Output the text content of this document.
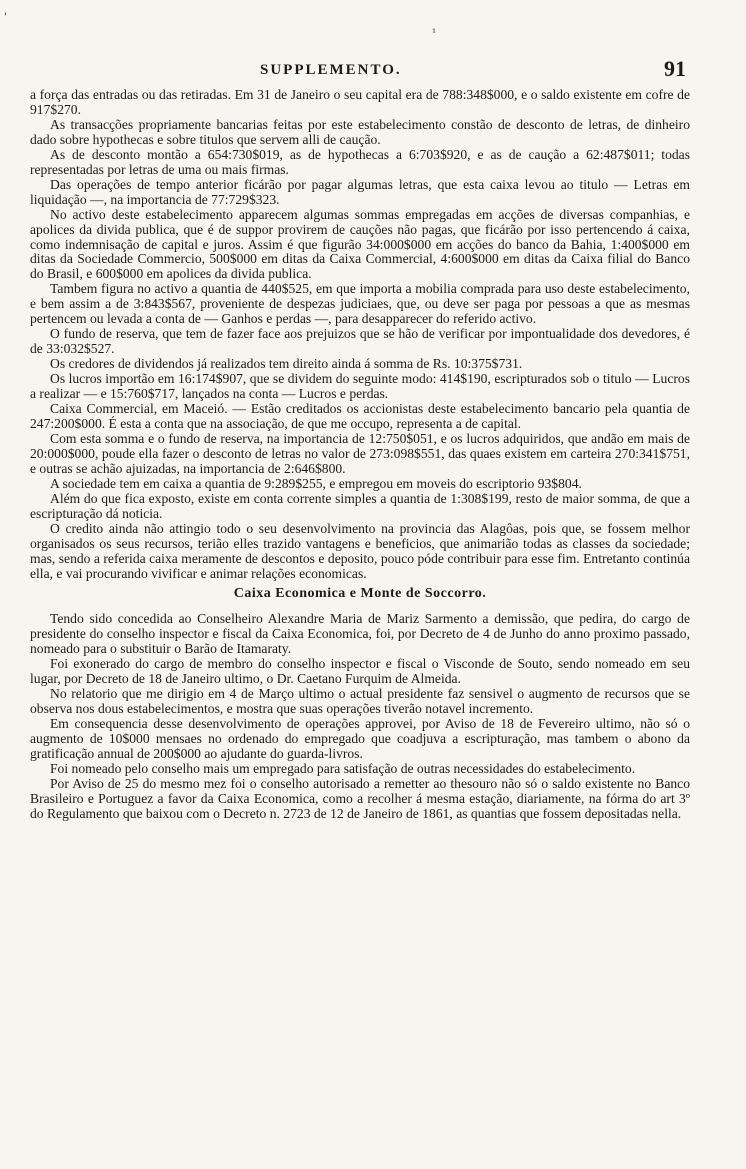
'
¹
SUPPLEMENTO.	91

a força das entradas ou das retiradas. Em 31 de Janeiro o seu capital era de 788:348$000, e o saldo existente em cofre de 917$270.

As transacções propriamente bancarias feitas por este estabelecimento constão de desconto de letras, de dinheiro dado sobre hypothecas e sobre titulos que servem alli de caução.

As de desconto montão a 654:730$019, as de hypothecas a 6:703$920, e as de caução a 62:487$011; todas representadas por letras de uma ou mais firmas.

Das operações de tempo anterior ficárão por pagar algumas letras, que esta caixa levou ao titulo — Letras em liquidação —, na importancia de 77:729$323.

No activo deste estabelecimento apparecem algumas sommas empregadas em acções de diversas companhias, e apolices da divida publica, que é de suppor provirem de cauções não pagas, que ficárão por isso pertencendo á caixa, como indemnisação de capital e juros. Assim é que figurão 34:000$000 em acções do banco da Bahia, 1:400$000 em ditas da Sociedade Commercio, 500$000 em ditas da Caixa Commercial, 4:600$000 em ditas da Caixa filial do Banco do Brasil, e 600$000 em apolices da divida publica.

Tambem figura no activo a quantia de 440$525, em que importa a mobilia comprada para uso deste estabelecimento, e bem assim a de 3:843$567, proveniente de despezas judiciaes, que, ou deve ser paga por pessoas a que as mesmas pertencem ou levada a conta de — Ganhos e perdas —, para desapparecer do referido activo.

O fundo de reserva, que tem de fazer face aos prejuizos que se hão de verificar por impontualidade dos devedores, é de 33:032$527.

Os credores de dividendos já realizados tem direito ainda á somma de Rs. 10:375$731.

Os lucros importão em 16:174$907, que se dividem do seguinte modo: 414$190, escripturados sob o titulo — Lucros a realizar — e 15:760$717, lançados na conta — Lucros e perdas.

Caixa Commercial, em Maceió. — Estão creditados os accionistas deste estabelecimento bancario pela quantia de 247:200$000. É esta a conta que na associação, de que me occupo, representa a de capital.

Com esta somma e o fundo de reserva, na importancia de 12:750$051, e os lucros adquiridos, que andão em mais de 20:000$000, poude ella fazer o desconto de letras no valor de 273:098$551, das quaes existem em carteira 270:341$751, e outras se achão ajuizadas, na importancia de 2:646$800.

A sociedade tem em caixa a quantia de 9:289$255, e empregou em moveis do escriptorio 93$804.

Além do que fica exposto, existe em conta corrente simples a quantia de 1:308$199, resto de maior somma, de que a escripturação dá noticia.

O credito ainda não attingio todo o seu desenvolvimento na provincia das Alagôas, pois que, se fossem melhor organisados os seus recursos, terião elles trazido vantagens e beneficios, que animarião todas as classes da sociedade; mas, sendo a referida caixa meramente de descontos e deposito, pouco póde contribuir para esse fim. Entretanto continúa ella, e vai procurando vivificar e animar relações economicas.

Caixa Economica e Monte de Soccorro.

Tendo sido concedida ao Conselheiro Alexandre Maria de Mariz Sarmento a demissão, que pedira, do cargo de presidente do conselho inspector e fiscal da Caixa Economica, foi, por Decreto de 4 de Junho do anno proximo passado, nomeado para o substituir o Barão de Itamaraty.

Foi exonerado do cargo de membro do conselho inspector e fiscal o Visconde de Souto, sendo nomeado em seu lugar, por Decreto de 18 de Janeiro ultimo, o Dr. Caetano Furquim de Almeida.

No relatorio que me dirigio em 4 de Março ultimo o actual presidente faz sensivel o augmento de recursos que se observa nos dous estabelecimentos, e mostra que suas operações tiverão notavel incremento.

Em consequencia desse desenvolvimento de operações approvei, por Aviso de 18 de Fevereiro ultimo, não só o augmento de 10$000 mensaes no ordenado do empregado que coadjuva a escripturação, mas tambem o abono da gratificação annual de 200$000 ao ajudante do guarda-livros.

Foi nomeado pelo conselho mais um empregado para satisfação de outras necessidades do estabelecimento.

Por Aviso de 25 do mesmo mez foi o conselho autorisado a remetter ao thesouro não só o saldo existente no Banco Brasileiro e Portuguez a favor da Caixa Economica, como a recolher á mesma estação, diariamente, na fórma do art 3º do Regulamento que baixou com o Decreto n. 2723 de 12 de Janeiro de 1861, as quantias que fossem depositadas nella.
